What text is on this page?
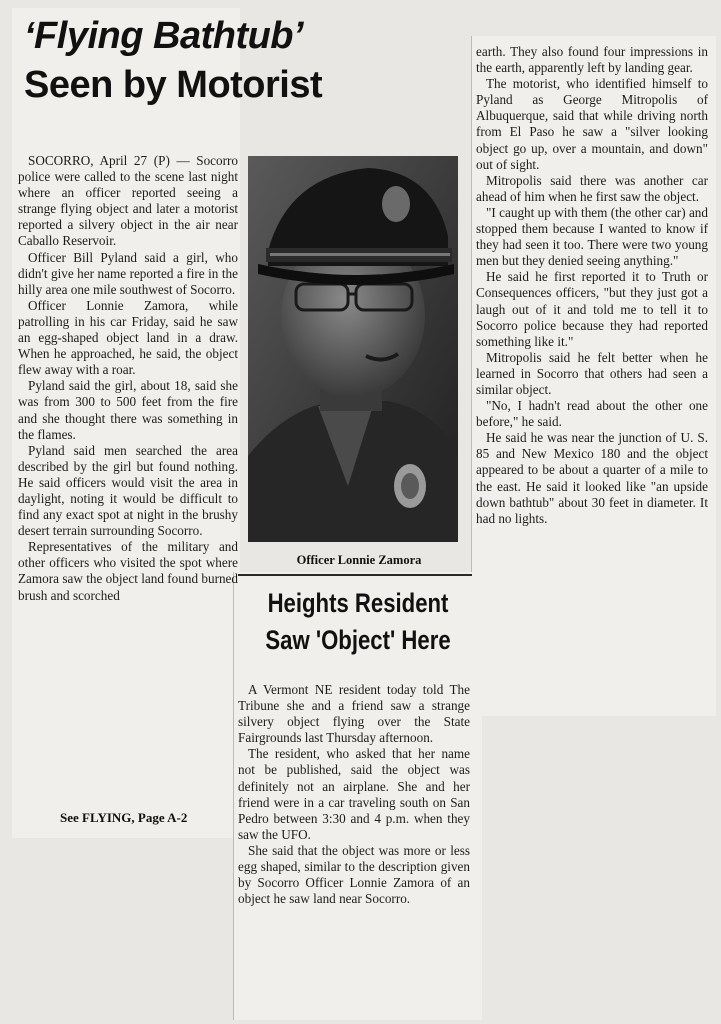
‘Flying Bathtub’
Seen by Motorist

SOCORRO, April 27 (P) — Socorro police were called to the scene last night where an officer reported seeing a strange flying object and later a motorist reported a silvery object in the air near Caballo Reservoir.

Officer Bill Pyland said a girl, who didn't give her name reported a fire in the hilly area one mile southwest of Socorro.

Officer Lonnie Zamora, while patrolling in his car Friday, said he saw an egg-shaped object land in a draw. When he approached, he said, the object flew away with a roar.

Pyland said the girl, about 18, said she was from 300 to 500 feet from the fire and she thought there was something in the flames.

Pyland said men searched the area described by the girl but found nothing. He said officers would visit the area in daylight, noting it would be difficult to find any exact spot at night in the brushy desert terrain surrounding Socorro.

Representatives of the military and other officers who visited the spot where Zamora saw the object land found burned brush and scorched

See FLYING, Page A-2

Officer Lonnie Zamora

earth. They also found four impressions in the earth, apparently left by landing gear.

The motorist, who identified himself to Pyland as George Mitropolis of Albuquerque, said that while driving north from El Paso he saw a "silver looking object go up, over a mountain, and down" out of sight.

Mitropolis said there was another car ahead of him when he first saw the object.

"I caught up with them (the other car) and stopped them because I wanted to know if they had seen it too. There were two young men but they denied seeing anything."

He said he first reported it to Truth or Consequences officers, "but they just got a laugh out of it and told me to tell it to Socorro police because they had reported something like it."

Mitropolis said he felt better when he learned in Socorro that others had seen a similar object.

"No, I hadn't read about the other one before," he said.

He said he was near the junction of U. S. 85 and New Mexico 180 and the object appeared to be about a quarter of a mile to the east. He said it looked like "an upside down bathtub" about 30 feet in diameter. It had no lights.

Heights Resident
Saw 'Object' Here

A Vermont NE resident today told The Tribune she and a friend saw a strange silvery object flying over the State Fairgrounds last Thursday afternoon.

The resident, who asked that her name not be published, said the object was definitely not an airplane. She and her friend were in a car traveling south on San Pedro between 3:30 and 4 p.m. when they saw the UFO.

She said that the object was more or less egg shaped, similar to the description given by Socorro Officer Lonnie Zamora of an object he saw land near Socorro.
